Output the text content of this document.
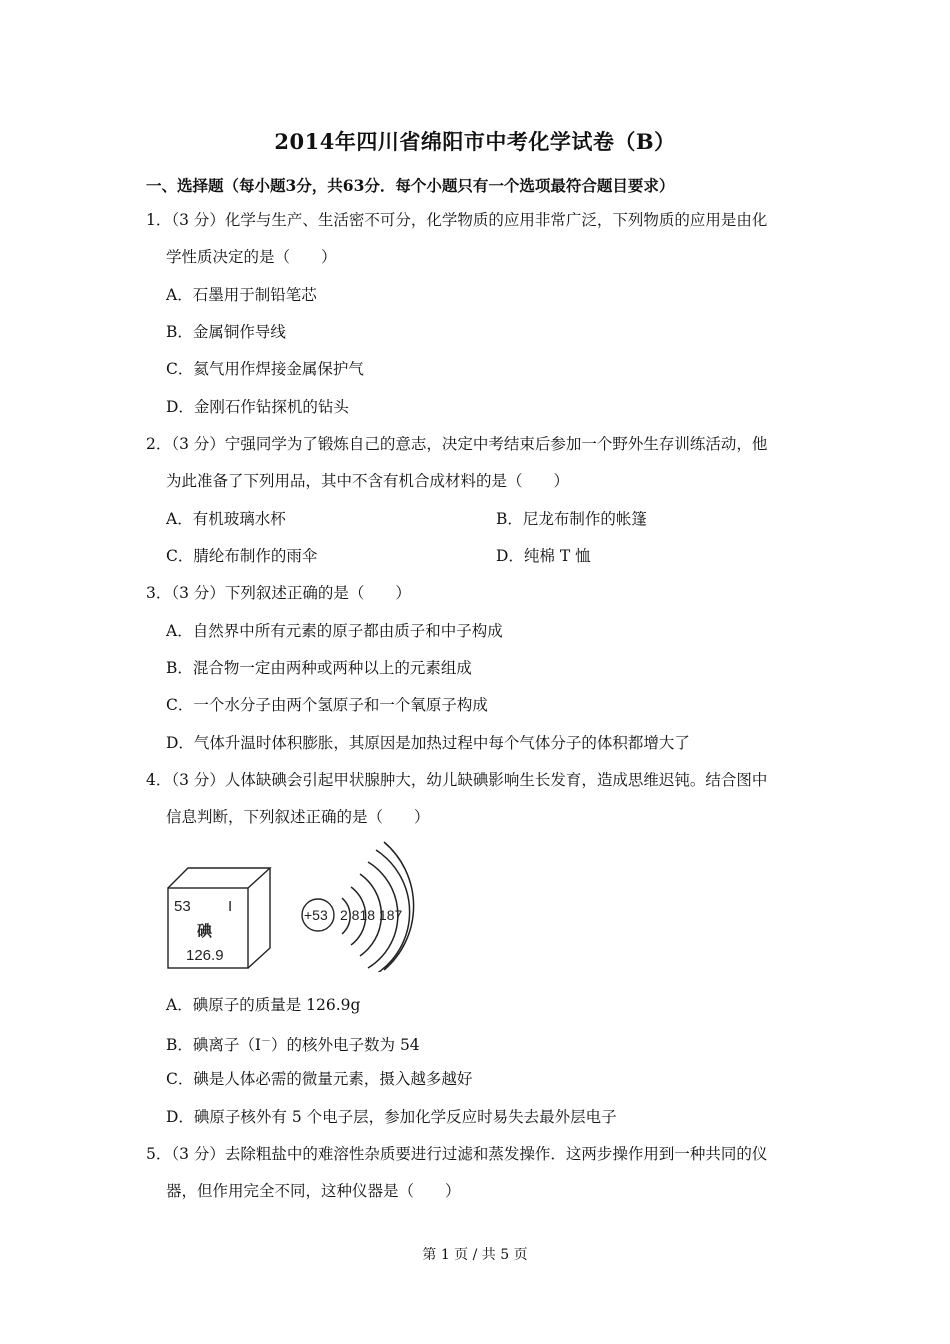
2014年四川省绵阳市中考化学试卷（B）
一、选择题（每小题3分，共63分．每个小题只有一个选项最符合题目要求）
1．（3 分）化学与生产、生活密不可分，化学物质的应用非常广泛，下列物质的应用是由化
学性质决定的是（　　）
A．石墨用于制铅笔芯
B．金属铜作导线
C．氦气用作焊接金属保护气
D．金刚石作钻探机的钻头
2．（3 分）宁强同学为了锻炼自己的意志，决定中考结束后参加一个野外生存训练活动，他
为此准备了下列用品，其中不含有机合成材料的是（　　）
A．有机玻璃水杯	B．尼龙布制作的帐篷
C．腈纶布制作的雨伞	D．纯棉 T 恤
3．（3 分）下列叙述正确的是（　　）
A．自然界中所有元素的原子都由质子和中子构成
B．混合物一定由两种或两种以上的元素组成
C．一个水分子由两个氢原子和一个氧原子构成
D．气体升温时体积膨胀，其原因是加热过程中每个气体分子的体积都增大了
4．（3 分）人体缺碘会引起甲状腺肿大，幼儿缺碘影响生长发育，造成思维迟钝。结合图中
信息判断，下列叙述正确的是（　　）
53 I
碘
126.9
+53 2 818 187
A．碘原子的质量是 126.9g
B．碘离子（I－）的核外电子数为 54
C．碘是人体必需的微量元素，摄入越多越好
D．碘原子核外有 5 个电子层，参加化学反应时易失去最外层电子
5．（3 分）去除粗盐中的难溶性杂质要进行过滤和蒸发操作．这两步操作用到一种共同的仪
器，但作用完全不同，这种仪器是（　　）
第 1 页 / 共 5 页
